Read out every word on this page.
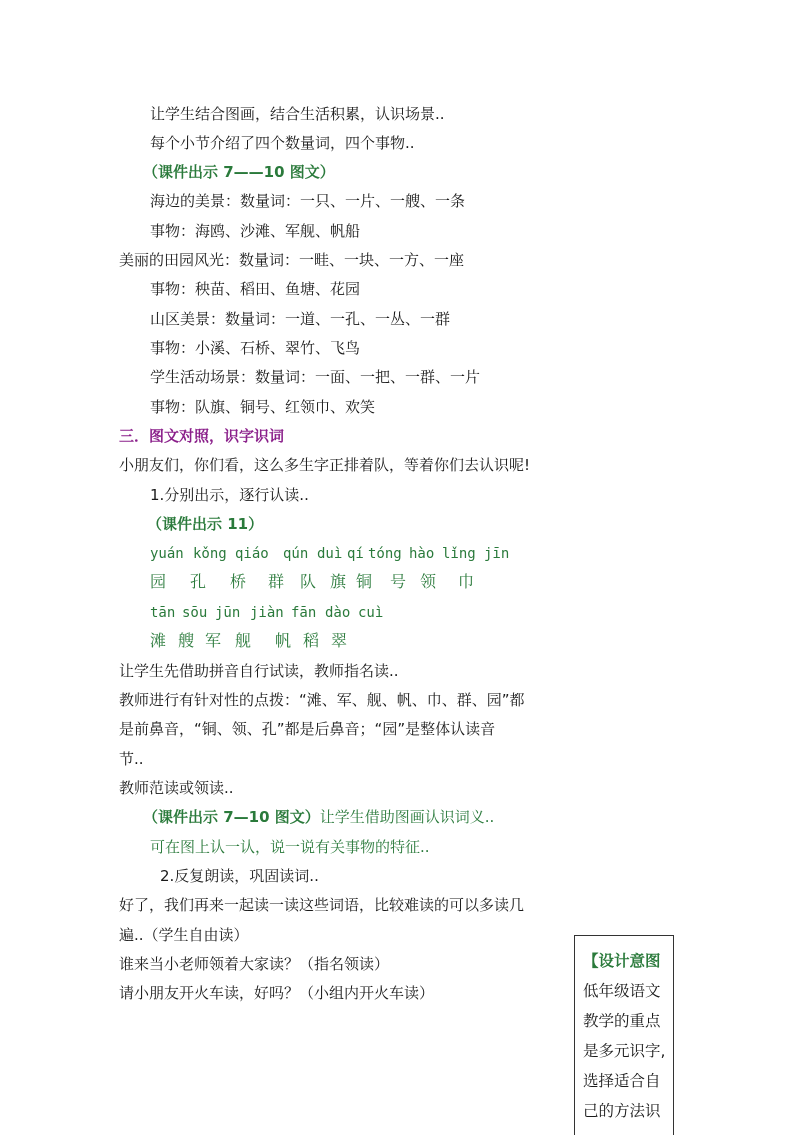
让学生结合图画，结合生活积累，认识场景..
每个小节介绍了四个数量词，四个事物..
（课件出示 7——10 图文）
海边的美景：数量词：一只、一片、一艘、一条
事物：海鸥、沙滩、军舰、帆船
美丽的田园风光：数量词：一畦、一块、一方、一座
事物：秧苗、稻田、鱼塘、花园
山区美景：数量词：一道、一孔、一丛、一群
事物：小溪、石桥、翠竹、飞鸟
学生活动场景：数量词：一面、一把、一群、一片
事物：队旗、铜号、红领巾、欢笑
三．图文对照，识字识词
小朋友们，你们看，这么多生字正排着队，等着你们去认识呢!
1.分别出示，逐行认读..
（课件出示 11）
yuán kǒng qiáo	qún duì qí tóng hào lǐng jīn
园	孔	桥	群 队 旗 铜	号 领	巾
tān sōu jūn jiàn fān dào cuì
滩 艘 军 舰	帆 稻 翠
让学生先借助拼音自行试读，教师指名读..
教师进行有针对性的点拨：“滩、军、舰、帆、巾、群、园”都
是前鼻音，“铜、领、孔”都是后鼻音；“园”是整体认读音
节..
教师范读或领读..
（课件出示 7—10 图文）让学生借助图画认识词义..
可在图上认一认，说一说有关事物的特征..
2.反复朗读，巩固读词..
好了，我们再来一起读一读这些词语，比较难读的可以多读几
遍..（学生自由读）
谁来当小老师领着大家读？（指名领读）
请小朋友开火车读，好吗？（小组内开火车读）
【设计意图
低年级语文
教学的重点
是多元识字,
选择适合自
己的方法识
